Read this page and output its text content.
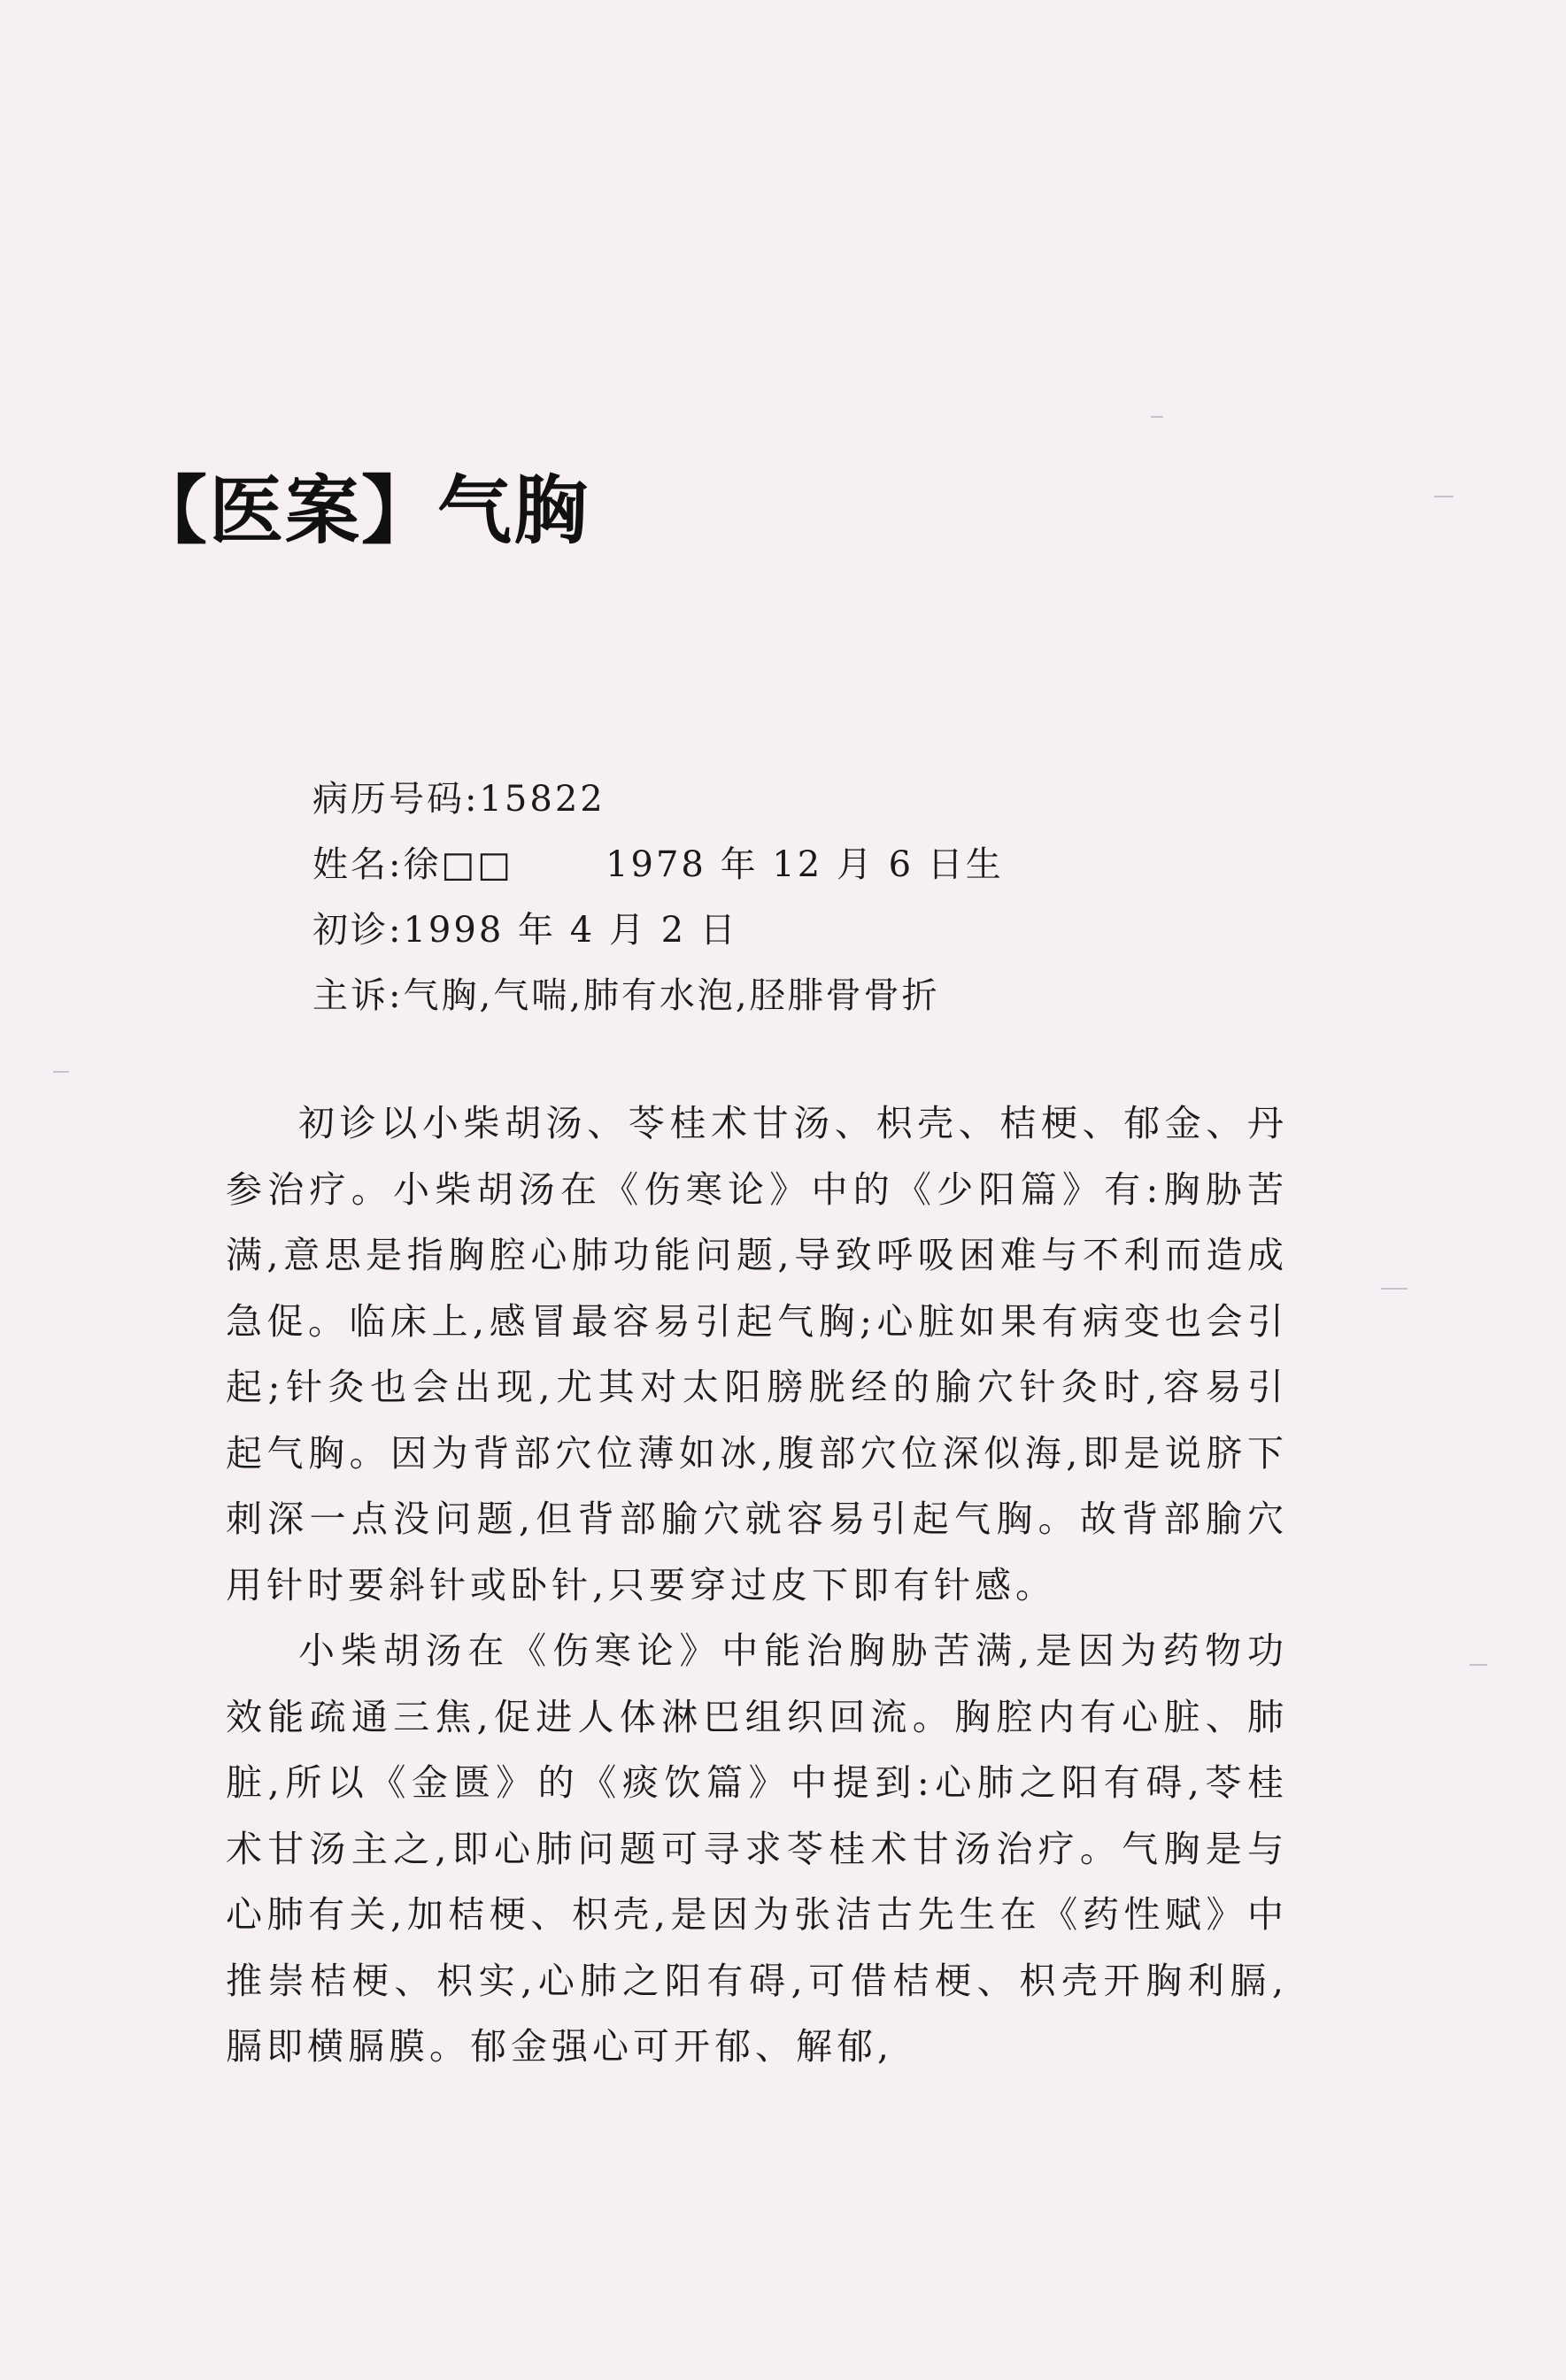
【医案】气胸
病历号码:15822
姓名:徐□□	1978 年 12 月 6 日生
初诊:1998 年 4 月 2 日
主诉:气胸,气喘,肺有水泡,胫腓骨骨折

初诊以小柴胡汤、苓桂术甘汤、枳壳、桔梗、郁金、丹参治疗。小柴胡汤在《伤寒论》中的《少阳篇》有:胸胁苦满,意思是指胸腔心肺功能问题,导致呼吸困难与不利而造成急促。临床上,感冒最容易引起气胸;心脏如果有病变也会引起;针灸也会出现,尤其对太阳膀胱经的腧穴针灸时,容易引起气胸。因为背部穴位薄如冰,腹部穴位深似海,即是说脐下刺深一点没问题,但背部腧穴就容易引起气胸。故背部腧穴用针时要斜针或卧针,只要穿过皮下即有针感。

小柴胡汤在《伤寒论》中能治胸胁苦满,是因为药物功效能疏通三焦,促进人体淋巴组织回流。胸腔内有心脏、肺脏,所以《金匮》的《痰饮篇》中提到:心肺之阳有碍,苓桂术甘汤主之,即心肺问题可寻求苓桂术甘汤治疗。气胸是与心肺有关,加桔梗、枳壳,是因为张洁古先生在《药性赋》中推崇桔梗、枳实,心肺之阳有碍,可借桔梗、枳壳开胸利膈,膈即横膈膜。郁金强心可开郁、解郁,
